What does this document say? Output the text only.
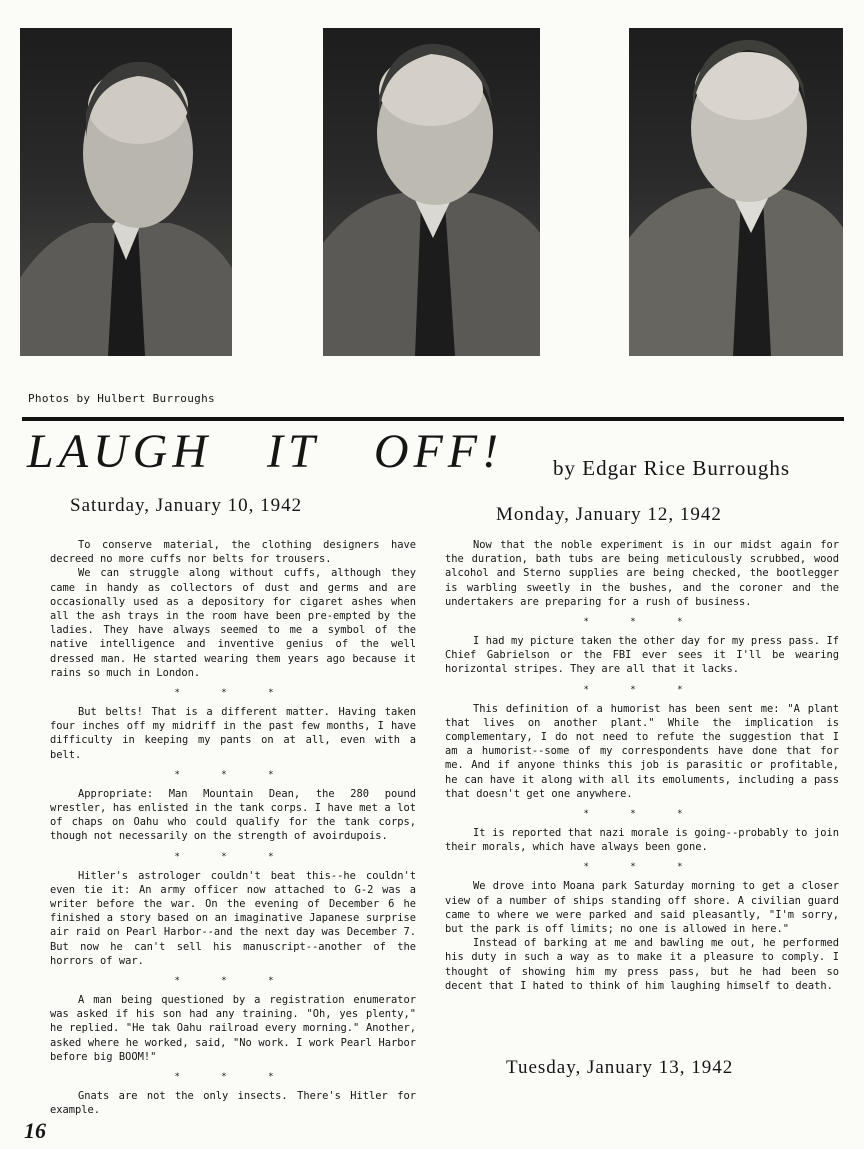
Photos by Hulbert Burroughs
LAUGH IT OFF! by Edgar Rice Burroughs
Saturday, January 10, 1942	Monday, January 12, 1942
Tuesday, January 13, 1942

To conserve material, the clothing designers have decreed no more cuffs nor belts for trousers.

We can struggle along without cuffs, although they came in handy as collectors of dust and germs and are occasionally used as a depository for cigaret ashes when all the ash trays in the room have been pre-empted by the ladies. They have always seemed to me a symbol of the native intelligence and inventive genius of the well dressed man. He started wearing them years ago because it rains so much in London.

* * *

But belts! That is a different matter. Having taken four inches off my midriff in the past few months, I have difficulty in keeping my pants on at all, even with a belt.

* * *

Appropriate: Man Mountain Dean, the 280 pound wrestler, has enlisted in the tank corps. I have met a lot of chaps on Oahu who could qualify for the tank corps, though not necessarily on the strength of avoirdupois.

* * *

Hitler's astrologer couldn't beat this--he couldn't even tie it: An army officer now attached to G-2 was a writer before the war. On the evening of December 6 he finished a story based on an imaginative Japanese surprise air raid on Pearl Harbor--and the next day was December 7. But now he can't sell his manuscript--another of the horrors of war.

* * *

A man being questioned by a registration enumerator was asked if his son had any training. "Oh, yes plenty," he replied. "He tak Oahu railroad every morning." Another, asked where he worked, said, "No work. I work Pearl Harbor before big BOOM!"

* * *

Gnats are not the only insects. There's Hitler for example.

Now that the noble experiment is in our midst again for the duration, bath tubs are being meticulously scrubbed, wood alcohol and Sterno supplies are being checked, the bootlegger is warbling sweetly in the bushes, and the coroner and the undertakers are preparing for a rush of business.

* * *

I had my picture taken the other day for my press pass. If Chief Gabrielson or the FBI ever sees it I'll be wearing horizontal stripes. They are all that it lacks.

* * *

This definition of a humorist has been sent me: "A plant that lives on another plant." While the implication is complementary, I do not need to refute the suggestion that I am a humorist--some of my correspondents have done that for me. And if anyone thinks this job is parasitic or profitable, he can have it along with all its emoluments, including a pass that doesn't get one anywhere.

* * *

It is reported that nazi morale is going--probably to join their morals, which have always been gone.

* * *

We drove into Moana park Saturday morning to get a closer view of a number of ships standing off shore. A civilian guard came to where we were parked and said pleasantly, "I'm sorry, but the park is off limits; no one is allowed in here."

Instead of barking at me and bawling me out, he performed his duty in such a way as to make it a pleasure to comply. I thought of showing him my press pass, but he had been so decent that I hated to think of him laughing himself to death.

16
